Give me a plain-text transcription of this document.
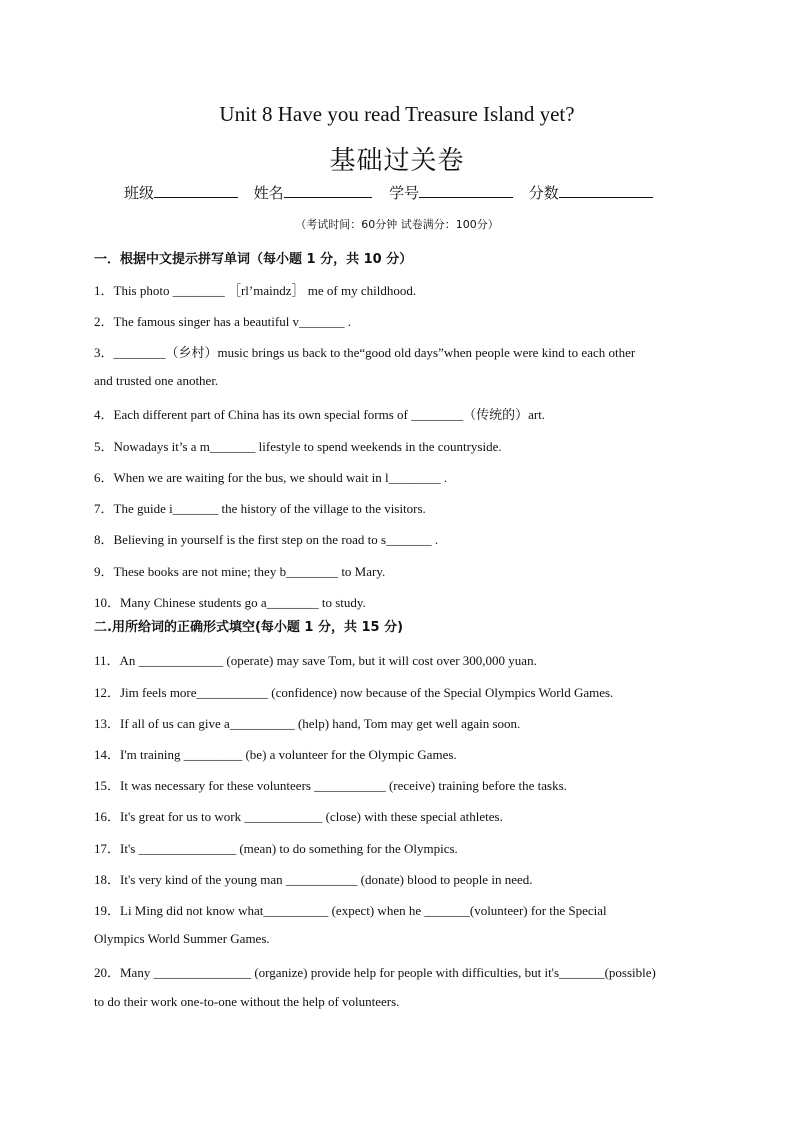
Unit 8 Have you read Treasure Island yet?
基础过关卷
班级	姓名	学号	分数
（考试时间：60分钟 试卷满分：100分）
一．根据中文提示拼写单词（每小题 1 分，共 10 分）
1．This photo ________ ［rl’maindz］ me of my childhood.
2．The famous singer has a beautiful v_______ .
3．________（乡村）music brings us back to the“good old days”when people were kind to each other
and trusted one another.
4．Each different part of China has its own special forms of ________（传统的）art.
5．Nowadays it’s a m_______ lifestyle to spend weekends in the countryside.
6．When we are waiting for the bus, we should wait in l________ .
7．The guide i_______ the history of the village to the visitors.
8．Believing in yourself is the first step on the road to s_______ .
9．These books are not mine; they b________ to Mary.
10．Many Chinese students go a________ to study.
二.用所给词的正确形式填空(每小题 1 分，共 15 分)
11．An _____________ (operate) may save Tom, but it will cost over 300,000 yuan.
12．Jim feels more___________ (confidence) now because of the Special Olympics World Games.
13．If all of us can give a__________ (help) hand, Tom may get well again soon.
14．I'm training _________ (be) a volunteer for the Olympic Games.
15．It was necessary for these volunteers ___________ (receive) training before the tasks.
16．It's great for us to work ____________ (close) with these special athletes.
17．It's _______________ (mean) to do something for the Olympics.
18．It's very kind of the young man ___________ (donate) blood to people in need.
19．Li Ming did not know what__________ (expect) when he _______(volunteer) for the Special
Olympics World Summer Games.
20．Many _______________ (organize) provide help for people with difficulties, but it's_______(possible)
to do their work one-to-one without the help of volunteers.
